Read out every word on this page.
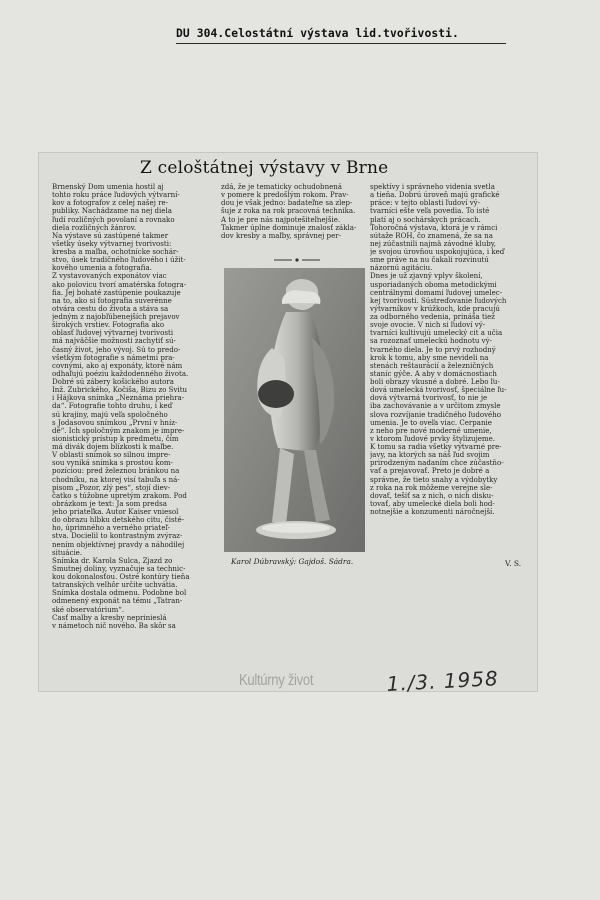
DU 304.Celostátní výstava lid.tvořivosti.
Z celoštátnej výstavy v Brne
Brnenský Dom umenia hostil aj
tohto roku práce ľudových výtvarní-
kov a fotografov z celej našej re-
publiky. Nachádzame na nej diela
ľudí rozličných povolaní a rovnako
diela rozličných žánrov.
Na výstave sú zastúpené takmer
všetky úseky výtvarnej tvorivosti:
kresba a maľba, ochotnícke sochár-
stvo, úsek tradičného ľudového i úžit-
kového umenia a fotografia.
Z vystavovaných exponátov viac
ako polovicu tvorí amatérska fotogra-
fia. Jej bohaté zastúpenie poukazuje
na to, ako si fotografia suverénne
otvára cestu do života a stáva sa
jedným z najobľúbenejších prejavov
širokých vrstiev. Fotografia ako
oblasť ľudovej výtvarnej tvorivosti
má najväčšie možnosti zachytiť sú-
časný život, jeho vývoj. Sú to predo-
všetkým fotografie s námetmi pra-
covnými, ako aj exponáty, ktoré nám
odhaľujú poéziu každodenného života.
Dobré sú zábery košického autora
Inž. Zubrického, Kočiša, Bizu zo Svitu
i Hájkova snímka „Neznáma priehra-
da“. Fotografie tohto druhu, i keď
sú krajiny, majú veľa spoločného
s Jodasovou snímkou „První v hníz-
dě“. Ich spoločným znakom je impre-
sionistický prístup k predmetu, čím
má divák dojem blízkosti k maľbe.
V oblasti snímok so silnou impre-
sou vyniká snímka s prostou kom-
pozíciou: pred železnou bránkou na
chodníku, na ktorej visí tabuľa s ná-
pisom „Pozor, zlý pes“, stojí diev-
čatko s túžobne upretým zrakom. Pod
obrázkom je text: Ja som predsa
jeho priateľka. Autor Kaiser vniesol
do obrazu hĺbku detského citu, čisté-
ho, úprimného a verného priateľ-
stva. Docielil to kontrastným zvýraz-
nením objektívnej pravdy a náhodilej
situácie.
Snímka dr. Karola Šulca, Zjazd zo
Smutnej doliny, vyznačuje sa technic-
kou dokonalosťou. Ostré kontúry tieňa
tatranských velhôr určite uchvátia.
Snímka dostala odmenu. Podobne bol
odmenený exponát na tému „Tatran-
ské observatórium“.
Časť malby a kresby neprinieslá
v námetoch nič nového. Ba skôr sa
zdá, že je tematicky ochudobnená
v pomere k predošlým rokom. Prav-
dou je však jedno: badateľne sa zlep-
šuje z roka na rok pracovná technika.
A to je pre nás najpotešiteľnejšie.
Takmer úplne dominuje znalosť zákla-
dov kresby a maľby, správnej per-
spektívy i správneho videnia svetla
a tieňa. Dobrú úroveň majú grafické
práce: v tejto oblasti ľudoví vý-
tvarníci ešte veľa povedia. To isté
platí aj o sochárskych prácach.
Tohoročná výstava, ktorá je v rámci
sútaže ROH, čo znamená, že sa na
nej zúčastnili najmä závodné kluby,
je svojou úrovňou uspokojujúca, i keď
sme práve na nu čakali rozvinutú
názornú agitáciu.
Dnes je už zjavný vplyv školení,
usporiadaných oboma metodickými
centrálnymi domami ľudovej umelec-
kej tvorivosti. Sústreďovanie ľudových
výtvarníkov v krúžkoch, kde pracujú
za odborného vedenia, prináša tiež
svoje ovocie. V nich si ľudoví vý-
tvarníci kultivujú umelecký cit a učia
sa rozoznať umeleckú hodnotu vý-
tvarného diela. Je to prvý rozhodný
krok k tomu, aby sme nevideli na
stenách reštaurácií a železničných
staníc gýče. A aby v domácnostiach
boli obrazy vkusné a dobré. Lebo ľu-
dová umelecká tvorivosť, špeciálne ľu-
dová výtvarná tvorivosť, to nie je
iba zachovávanie a v určitom zmysle
slova rozvíjanie tradičného ľudového
umenia. Je to oveľa viac. Čerpanie
z neho pre nové moderné umenie,
v ktorom ľudové prvky štylizujeme.
K tomu sa radia všetky výtvarné pre-
javy, na ktorých sa náš ľud svojim
prirodzeným nadaním chce zúčastňo-
vať a prejavovať. Preto je dobré a
správne, že tieto snahy a výdobytky
z roka na rok môžeme verejne sle-
dovať, tešiť sa z nich, o nich disku-
tovať, aby umelecké diela boli hod-
notnejšie a konzumenti náročnejší.
Karol Dúbravský: Gajdoš. Sádra.	V. S.
Kultúrny život	1./3. 1958
